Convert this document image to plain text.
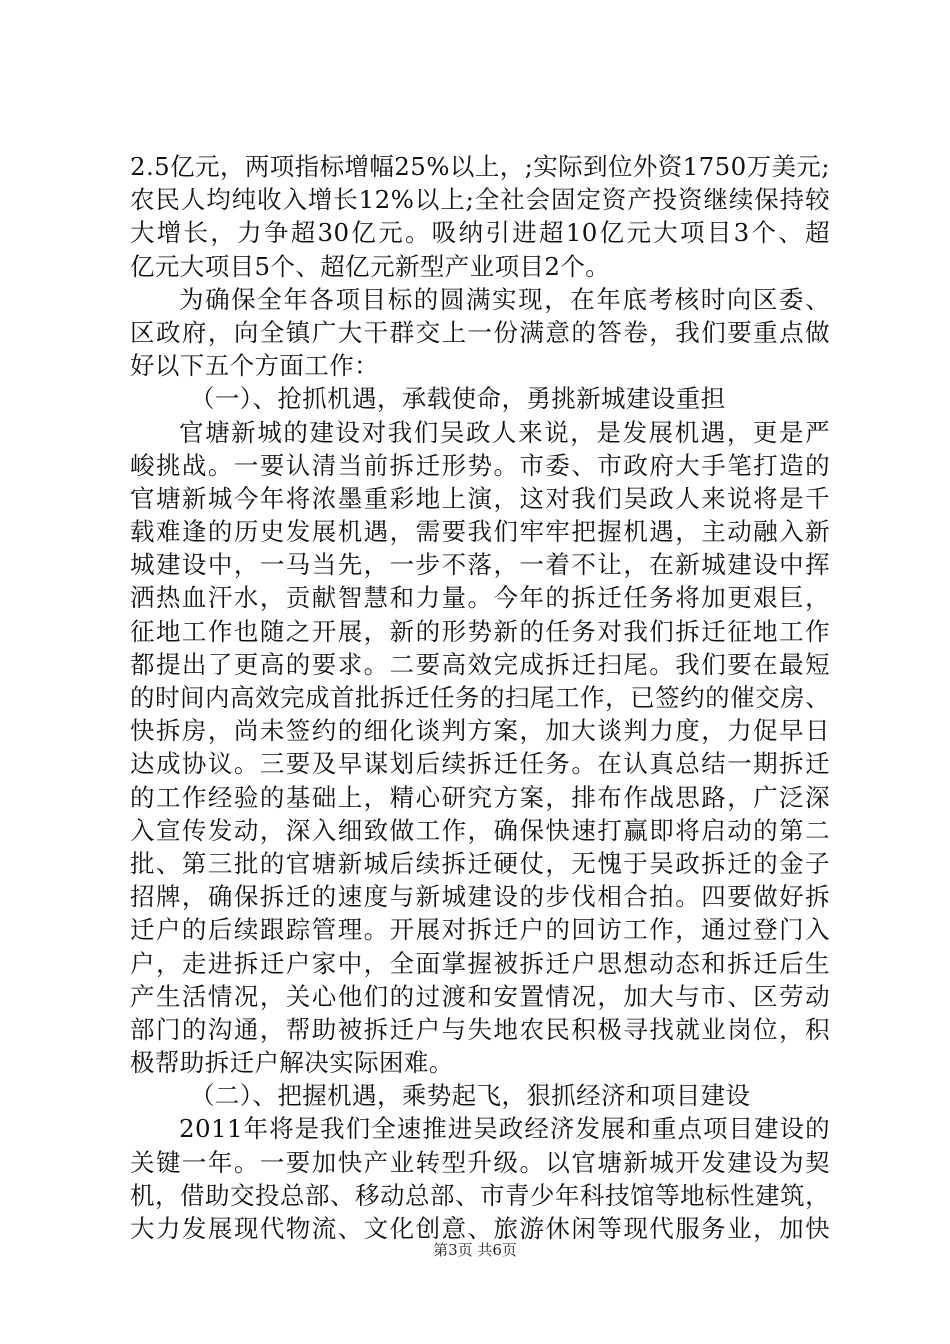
2.5亿元，两项指标增幅25%以上，;实际到位外资1750万美元;
农民人均纯收入增长12%以上;全社会固定资产投资继续保持较
大增长，力争超30亿元。吸纳引进超10亿元大项目3个、超
亿元大项目5个、超亿元新型产业项目2个。
为确保全年各项目标的圆满实现，在年底考核时向区委、
区政府，向全镇广大干群交上一份满意的答卷，我们要重点做
好以下五个方面工作：
（一）、抢抓机遇，承载使命，勇挑新城建设重担
官塘新城的建设对我们吴政人来说，是发展机遇，更是严
峻挑战。一要认清当前拆迁形势。市委、市政府大手笔打造的
官塘新城今年将浓墨重彩地上演，这对我们吴政人来说将是千
载难逢的历史发展机遇，需要我们牢牢把握机遇，主动融入新
城建设中，一马当先，一步不落，一着不让，在新城建设中挥
洒热血汗水，贡献智慧和力量。今年的拆迁任务将加更艰巨，
征地工作也随之开展，新的形势新的任务对我们拆迁征地工作
都提出了更高的要求。二要高效完成拆迁扫尾。我们要在最短
的时间内高效完成首批拆迁任务的扫尾工作，已签约的催交房、
快拆房，尚未签约的细化谈判方案，加大谈判力度，力促早日
达成协议。三要及早谋划后续拆迁任务。在认真总结一期拆迁
的工作经验的基础上，精心研究方案，排布作战思路，广泛深
入宣传发动，深入细致做工作，确保快速打赢即将启动的第二
批、第三批的官塘新城后续拆迁硬仗，无愧于吴政拆迁的金子
招牌，确保拆迁的速度与新城建设的步伐相合拍。四要做好拆
迁户的后续跟踪管理。开展对拆迁户的回访工作，通过登门入
户，走进拆迁户家中，全面掌握被拆迁户思想动态和拆迁后生
产生活情况，关心他们的过渡和安置情况，加大与市、区劳动
部门的沟通，帮助被拆迁户与失地农民积极寻找就业岗位，积
极帮助拆迁户解决实际困难。
（二）、把握机遇，乘势起飞，狠抓经济和项目建设
2011年将是我们全速推进吴政经济发展和重点项目建设的
关键一年。一要加快产业转型升级。以官塘新城开发建设为契
机，借助交投总部、移动总部、市青少年科技馆等地标性建筑，
大力发展现代物流、文化创意、旅游休闲等现代服务业，加快
第3页 共6页
